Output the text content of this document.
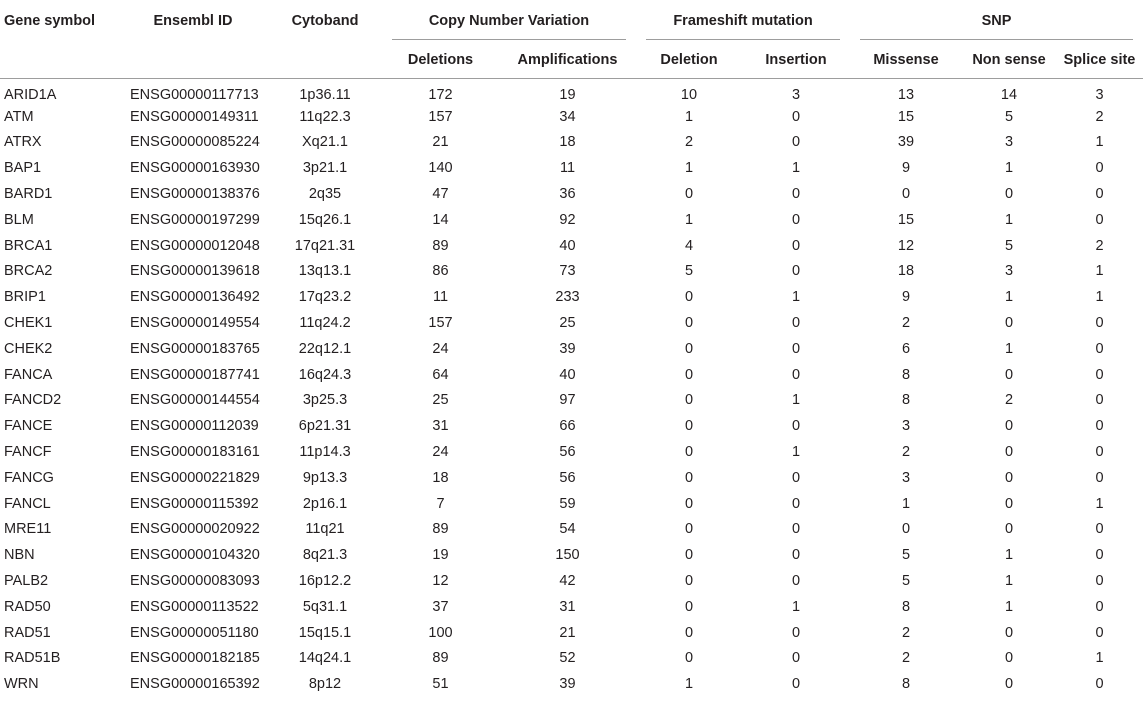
Gene symbol	Ensembl ID	Cytoband	Copy Number Variation		Frameshift mutation		SNP		

			Deletions	Amplifications	Deletion	Insertion	Missense	Non sense	Splice site
ARID1A	ENSG00000117713	1p36.11	172	19	10	3	13	14	3
ATM	ENSG00000149311	11q22.3	157	34	1	0	15	5	2
ATRX	ENSG00000085224	Xq21.1	21	18	2	0	39	3	1
BAP1	ENSG00000163930	3p21.1	140	11	1	1	9	1	0
BARD1	ENSG00000138376	2q35	47	36	0	0	0	0	0
BLM	ENSG00000197299	15q26.1	14	92	1	0	15	1	0
BRCA1	ENSG00000012048	17q21.31	89	40	4	0	12	5	2
BRCA2	ENSG00000139618	13q13.1	86	73	5	0	18	3	1
BRIP1	ENSG00000136492	17q23.2	11	233	0	1	9	1	1
CHEK1	ENSG00000149554	11q24.2	157	25	0	0	2	0	0
CHEK2	ENSG00000183765	22q12.1	24	39	0	0	6	1	0
FANCA	ENSG00000187741	16q24.3	64	40	0	0	8	0	0
FANCD2	ENSG00000144554	3p25.3	25	97	0	1	8	2	0
FANCE	ENSG00000112039	6p21.31	31	66	0	0	3	0	0
FANCF	ENSG00000183161	11p14.3	24	56	0	1	2	0	0
FANCG	ENSG00000221829	9p13.3	18	56	0	0	3	0	0
FANCL	ENSG00000115392	2p16.1	7	59	0	0	1	0	1
MRE11	ENSG00000020922	11q21	89	54	0	0	0	0	0
NBN	ENSG00000104320	8q21.3	19	150	0	0	5	1	0
PALB2	ENSG00000083093	16p12.2	12	42	0	0	5	1	0
RAD50	ENSG00000113522	5q31.1	37	31	0	1	8	1	0
RAD51	ENSG00000051180	15q15.1	100	21	0	0	2	0	0
RAD51B	ENSG00000182185	14q24.1	89	52	0	0	2	0	1
WRN	ENSG00000165392	8p12	51	39	1	0	8	0	0
